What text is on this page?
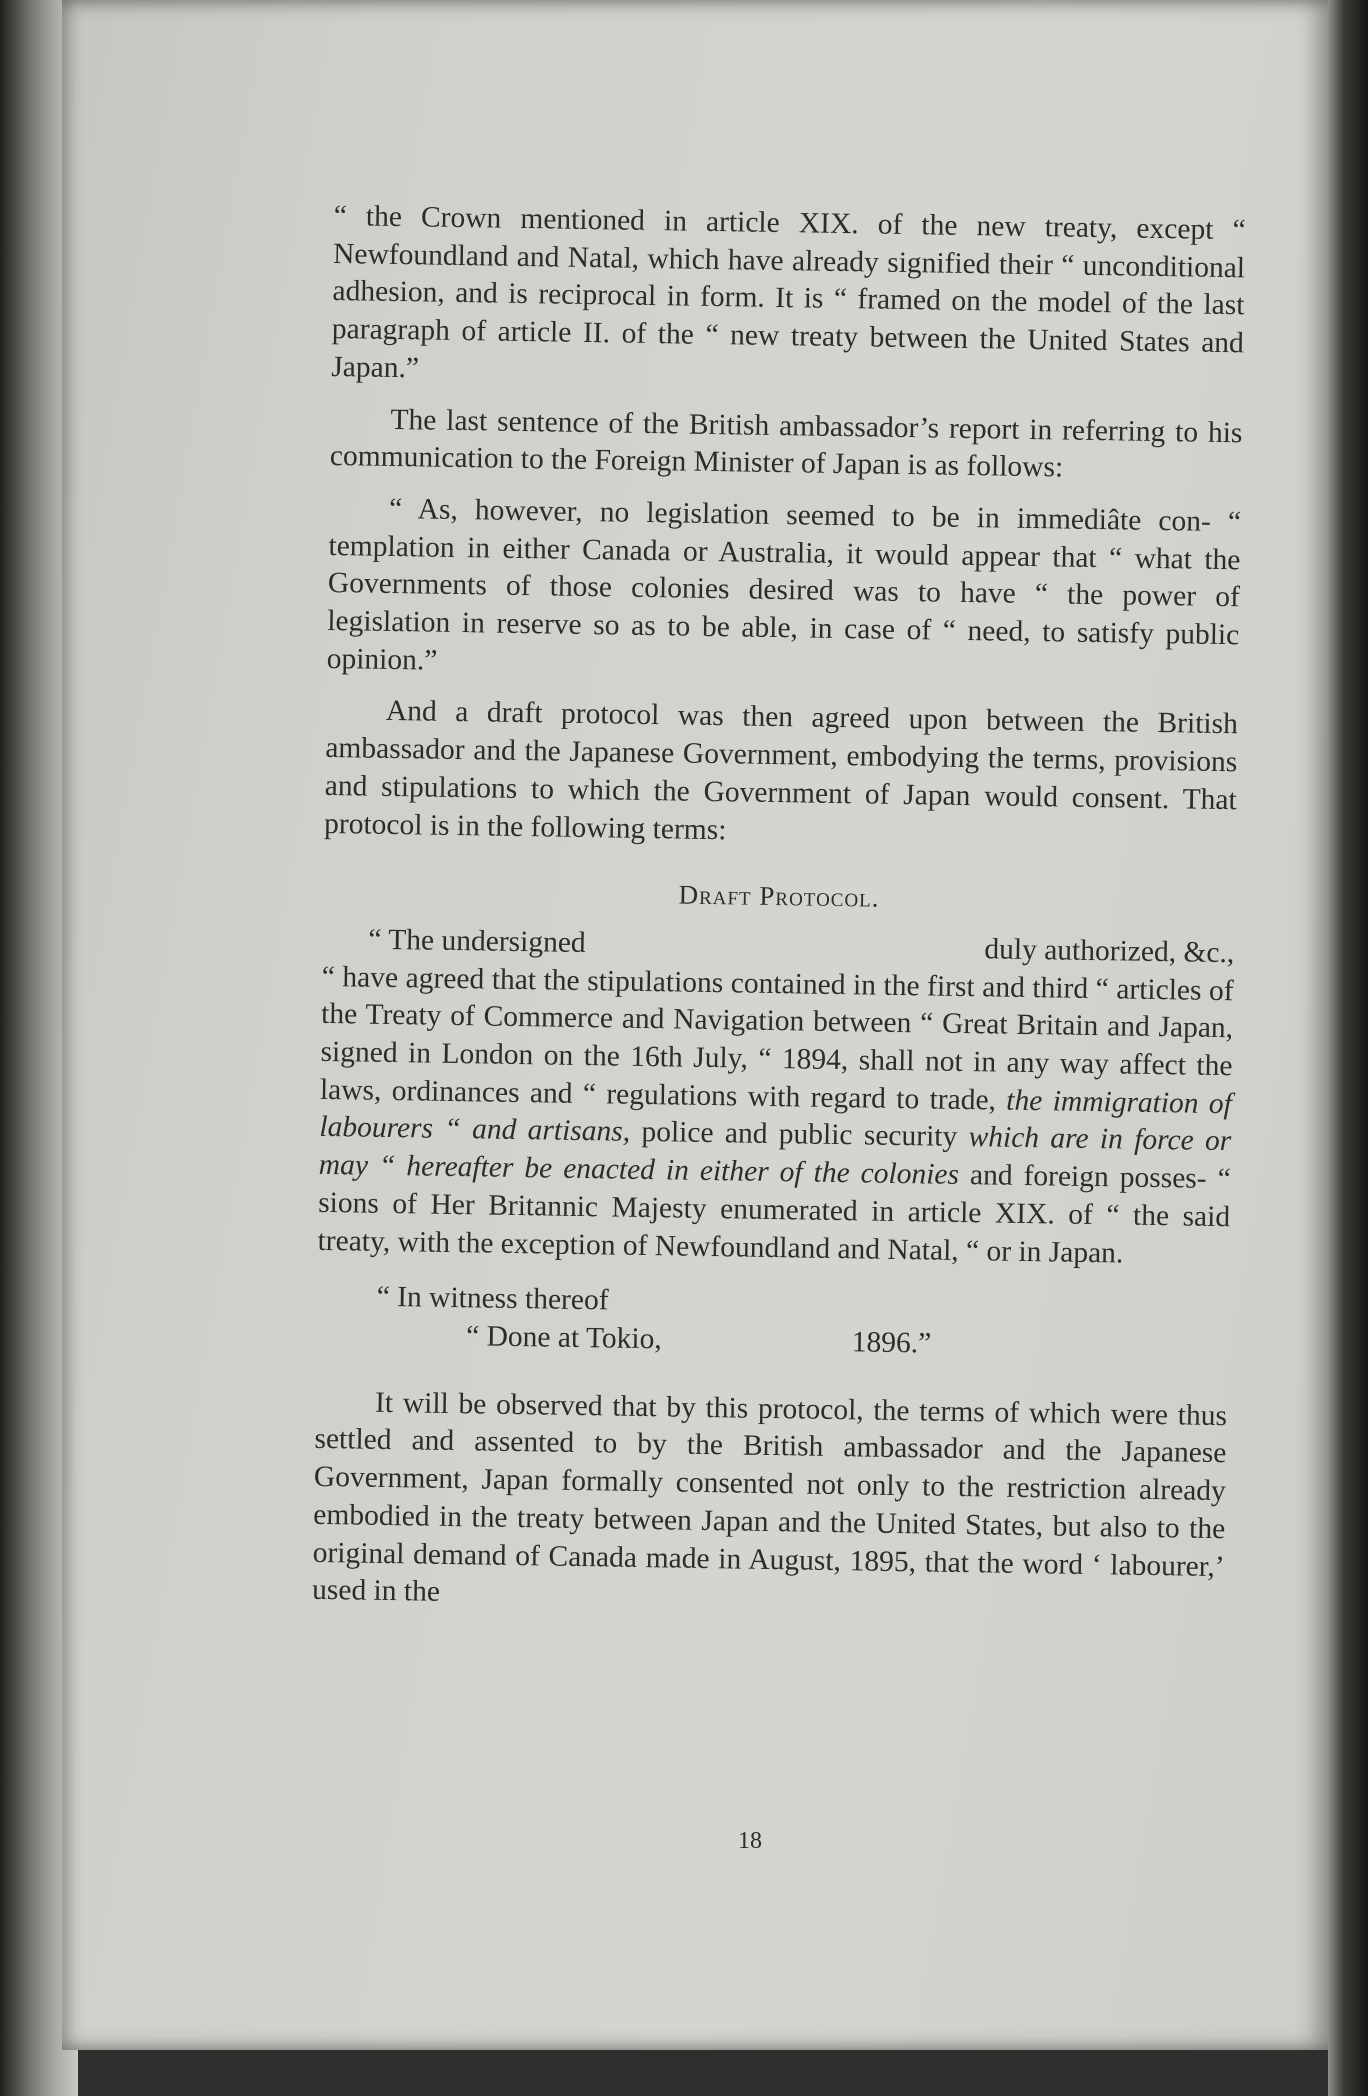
“ the Crown mentioned in article XIX. of the new treaty, except “ Newfoundland and Natal, which have already signified their “ unconditional adhesion, and is reciprocal in form. It is “ framed on the model of the last paragraph of article II. of the “ new treaty between the United States and Japan.”

The last sentence of the British ambassador’s report in referring to his communication to the Foreign Minister of Japan is as follows:

“ As, however, no legislation seemed to be in immediâte con- “ templation in either Canada or Australia, it would appear that “ what the Governments of those colonies desired was to have “ the power of legislation in reserve so as to be able, in case of “ need, to satisfy public opinion.”

And a draft protocol was then agreed upon between the British ambassador and the Japanese Government, embodying the terms, provisions and stipulations to which the Government of Japan would consent. That protocol is in the following terms:

Draft Protocol.
“ The undersigned	duly authorized, &c.,

“ have agreed that the stipulations contained in the first and third “ articles of the Treaty of Commerce and Navigation between “ Great Britain and Japan, signed in London on the 16th July, “ 1894, shall not in any way affect the laws, ordinances and “ regulations with regard to trade, the immigration of labourers “ and artisans, police and public security which are in force or may “ hereafter be enacted in either of the colonies and foreign posses- “ sions of Her Britannic Majesty enumerated in article XIX. of “ the said treaty, with the exception of Newfoundland and Natal, “ or in Japan.

“ In witness thereof
“ Done at Tokio,	1896.”

It will be observed that by this protocol, the terms of which were thus settled and assented to by the British ambassador and the Japanese Government, Japan formally consented not only to the restriction already embodied in the treaty between Japan and the United States, but also to the original demand of Canada made in August, 1895, that the word ‘ labourer,’ used in the

18
